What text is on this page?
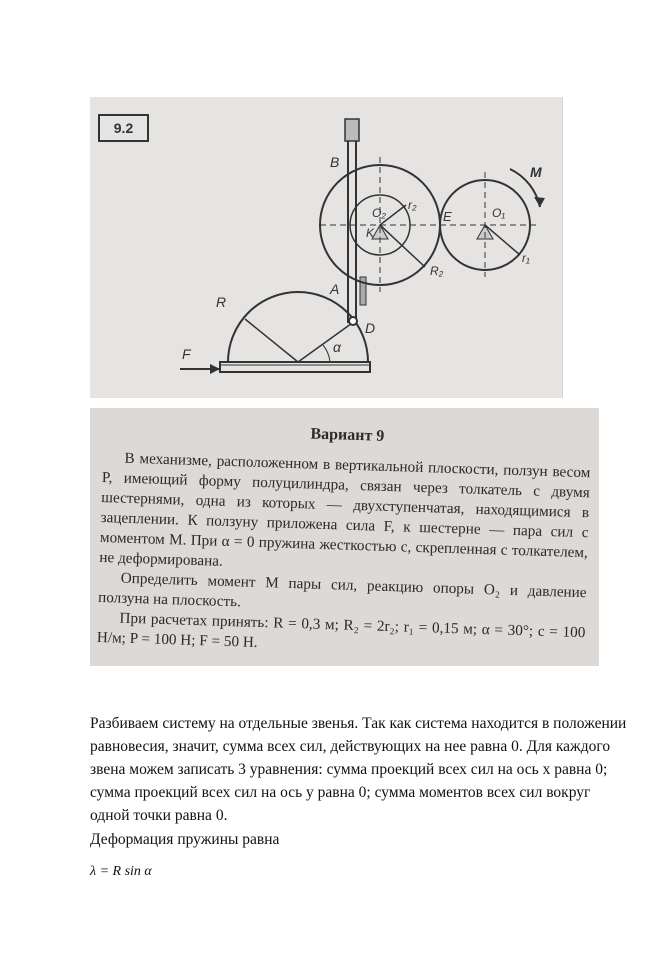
9.2
B
A
D
R
F	α
O₂
K
r₂
R₂
E	O₁
M
r₁
Вариант 9

В механизме, расположенном в вертикальной плоскости, ползун весом P, имеющий форму полуцилиндра, связан через толкатель с двумя шестернями, одна из которых — двухступенчатая, находящимися в зацеплении. К ползуну приложена сила F, к шестерне — пара сил с моментом M. При α = 0 пружина жесткостью c, скрепленная с толкателем, не деформирована.

Определить момент M пары сил, реакцию опоры O₂ и давление ползуна на плоскость.

При расчетах принять: R = 0,3 м; R₂ = 2r₂; r₁ = 0,15 м; α = 30°; c = 100 Н/м; P = 100 Н; F = 50 Н.

Разбиваем систему на отдельные звенья. Так как система находится в положении равновесия, значит, сумма всех сил, действующих на нее равна 0. Для каждого звена можем записать 3 уравнения: сумма проекций всех сил на ось x равна 0; сумма проекций всех сил на ось y равна 0; сумма моментов всех сил вокруг одной точки равна 0.

Деформация пружины равна
λ = R sin α
